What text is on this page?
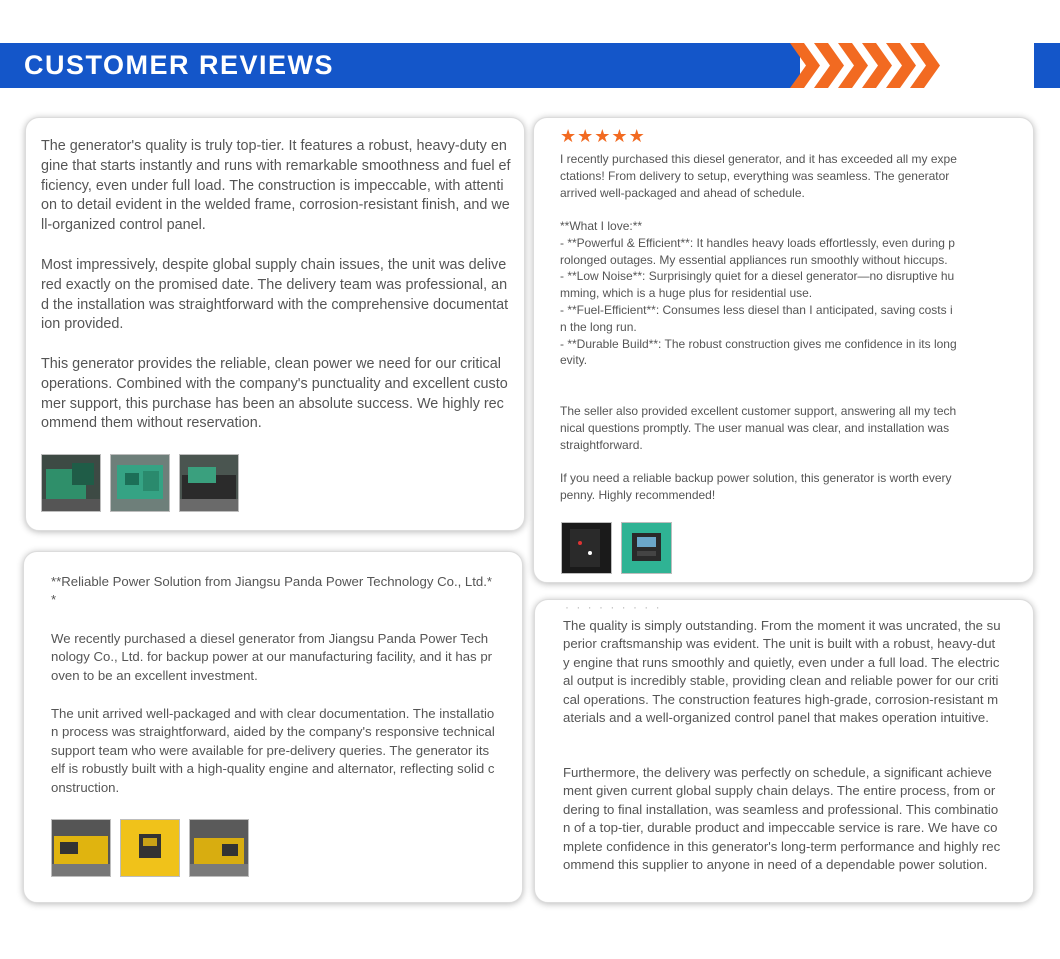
CUSTOMER REVIEWS

The generator's quality is truly top-tier. It features a robust, heavy-duty engine that starts instantly and runs with remarkable smoothness and fuel efficiency, even under full load. The construction is impeccable, with attention to detail evident in the welded frame, corrosion-resistant finish, and well-organized control panel.

Most impressively, despite global supply chain issues, the unit was delivered exactly on the promised date. The delivery team was professional, and the installation was straightforward with the comprehensive documentation provided.

This generator provides the reliable, clean power we need for our critical operations. Combined with the company's punctuality and excellent customer support, this purchase has been an absolute success. We highly recommend them without reservation.

★ ★ ★ ★ ★

I recently purchased this diesel generator, and it has exceeded all my expectations! From delivery to setup, everything was seamless. The generator arrived well-packaged and ahead of schedule.

**What I love:**
- **Powerful & Efficient**: It handles heavy loads effortlessly, even during prolonged outages. My essential appliances run smoothly without hiccups.
- **Low Noise**: Surprisingly quiet for a diesel generator—no disruptive humming, which is a huge plus for residential use.
- **Fuel-Efficient**: Consumes less diesel than I anticipated, saving costs in the long run.
- **Durable Build**: The robust construction gives me confidence in its longevity.

The seller also provided excellent customer support, answering all my technical questions promptly. The user manual was clear, and installation was straightforward.

If you need a reliable backup power solution, this generator is worth every penny. Highly recommended!

**Reliable Power Solution from Jiangsu Panda Power Technology Co., Ltd.**

We recently purchased a diesel generator from Jiangsu Panda Power Technology Co., Ltd. for backup power at our manufacturing facility, and it has proven to be an excellent investment.

The unit arrived well-packaged and with clear documentation. The installation process was straightforward, aided by the company's responsive technical support team who were available for pre-delivery queries. The generator itself is robustly built with a high-quality engine and alternator, reflecting solid construction.

· · · · · · · · ·

The quality is simply outstanding. From the moment it was uncrated, the superior craftsmanship was evident. The unit is built with a robust, heavy-duty engine that runs smoothly and quietly, even under a full load. The electrical output is incredibly stable, providing clean and reliable power for our critical operations. The construction features high-grade, corrosion-resistant materials and a well-organized control panel that makes operation intuitive.

Furthermore, the delivery was perfectly on schedule, a significant achievement given current global supply chain delays. The entire process, from ordering to final installation, was seamless and professional. This combination of a top-tier, durable product and impeccable service is rare. We have complete confidence in this generator's long-term performance and highly recommend this supplier to anyone in need of a dependable power solution.
